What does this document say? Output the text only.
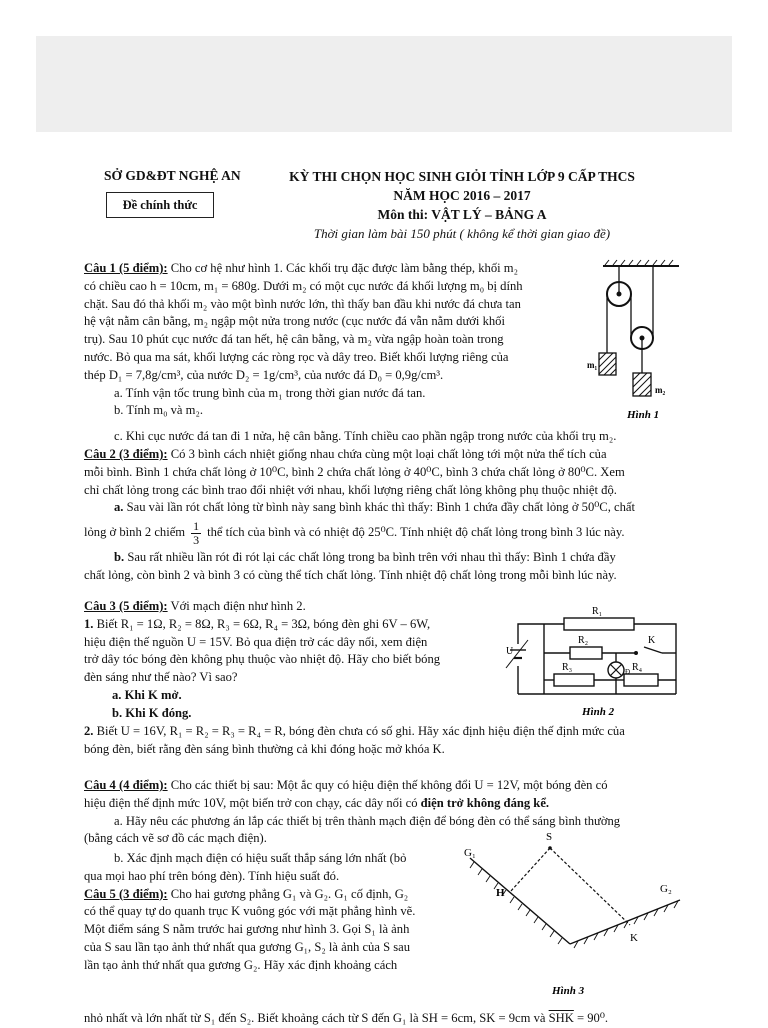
SỞ GD&ĐT NGHỆ AN
Đề chính thức
KỲ THI CHỌN HỌC SINH GIỎI TỈNH LỚP 9 CẤP THCS
NĂM HỌC 2016 – 2017
Môn thi: VẬT LÝ – BẢNG A
Thời gian làm bài 150 phút ( không kể thời gian giao đề)
Câu 1 (5 điểm): Cho cơ hệ như hình 1. Các khối trụ đặc được làm bằng thép, khối m₂
có chiều cao h = 10cm, m₁ = 680g. Dưới m₂ có một cục nước đá khối lượng m₀ bị dính
chặt. Sau đó thả khối m₂ vào một bình nước lớn, thì thấy ban đầu khi nước đá chưa tan
hệ vật nằm cân bằng, m₂ ngập một nửa trong nước (cục nước đá vẫn nằm dưới khối
trụ). Sau 10 phút cục nước đá tan hết, hệ cân bằng, và m₂ vừa ngập hoàn toàn trong
nước. Bỏ qua ma sát, khối lượng các ròng rọc và dây treo. Biết khối lượng riêng của
thép D₁ = 7,8g/cm³, của nước D₂ = 1g/cm³, của nước đá D₀ = 0,9g/cm³.
a. Tính vận tốc trung bình của m₁ trong thời gian nước đá tan.
b. Tính m₀ và m₂.
c. Khi cục nước đá tan đi 1 nửa, hệ cân bằng. Tính chiều cao phần ngập trong nước của khối trụ m₂.
m₁
m₂
Hình 1
Câu 2 (3 điểm): Có 3 bình cách nhiệt giống nhau chứa cùng một loại chất lỏng tới một nửa thể tích của
mỗi bình. Bình 1 chứa chất lỏng ở 10⁰C, bình 2 chứa chất lỏng ở 40⁰C, bình 3 chứa chất lỏng ở 80⁰C. Xem
chỉ chất lỏng trong các bình trao đổi nhiệt với nhau, khối lượng riêng chất lỏng không phụ thuộc nhiệt độ.
a. Sau vài lần rót chất lỏng từ bình này sang bình khác thì thấy: Bình 1 chứa đầy chất lỏng ở 50⁰C, chất
lỏng ở bình 2 chiếm 1
3
thể tích của bình và có nhiệt độ 25⁰C. Tính nhiệt độ chất lỏng trong bình 3 lúc này.
b. Sau rất nhiều lần rót đi rót lại các chất lỏng trong ba bình trên với nhau thì thấy: Bình 1 chứa đầy
chất lỏng, còn bình 2 và bình 3 có cùng thể tích chất lỏng. Tính nhiệt độ chất lỏng trong mỗi bình lúc này.
Câu 3 (5 điểm): Với mạch điện như hình 2.
1. Biết R₁ = 1Ω, R₂ = 8Ω, R₃ = 6Ω, R₄ = 3Ω, bóng đèn ghi 6V – 6W,
hiệu điện thế nguồn U = 15V. Bỏ qua điện trở các dây nối, xem điện
trở dây tóc bóng đèn không phụ thuộc vào nhiệt độ. Hãy cho biết bóng
đèn sáng như thế nào? Vì sao?
a. Khi K mở.
b. Khi K đóng.
2. Biết U = 16V, R₁ = R₂ = R₃ = R₄ = R, bóng đèn chưa có số ghi. Hãy xác định hiệu điện thế định mức của
bóng đèn, biết rằng đèn sáng bình thường cả khi đóng hoặc mở khóa K.
R₁
R₂
R₃	R₄
K
U
Đ
Hình 2
Câu 4 (4 điểm): Cho các thiết bị sau: Một ắc quy có hiệu điện thế không đổi U = 12V, một bóng đèn có
hiệu điện thế định mức 10V, một biến trở con chạy, các dây nối có điện trở không đáng kể.
a. Hãy nêu các phương án lắp các thiết bị trên thành mạch điện để bóng đèn có thể sáng bình thường
(bằng cách vẽ sơ đồ các mạch điện).
b. Xác định mạch điện có hiệu suất thắp sáng lớn nhất (bỏ
qua mọi hao phí trên bóng đèn). Tính hiệu suất đó.
Câu 5 (3 điểm): Cho hai gương phẳng G₁ và G₂. G₁ cố định, G₂
có thể quay tự do quanh trục K vuông góc với mặt phẳng hình vẽ.
Một điểm sáng S nằm trước hai gương như hình 3. Gọi S₁ là ảnh
của S sau lần tạo ảnh thứ nhất qua gương G₁, S₂ là ảnh của S sau
lần tạo ảnh thứ nhất qua gương G₂. Hãy xác định khoảng cách
nhỏ nhất và lớn nhất từ S₁ đến S₂. Biết khoảng cách từ S đến G₁ là SH = 6cm, SK = 9cm và $\overline{SHK} = 90^0$.
S
H
K
G₁
G₂
Hình 3
